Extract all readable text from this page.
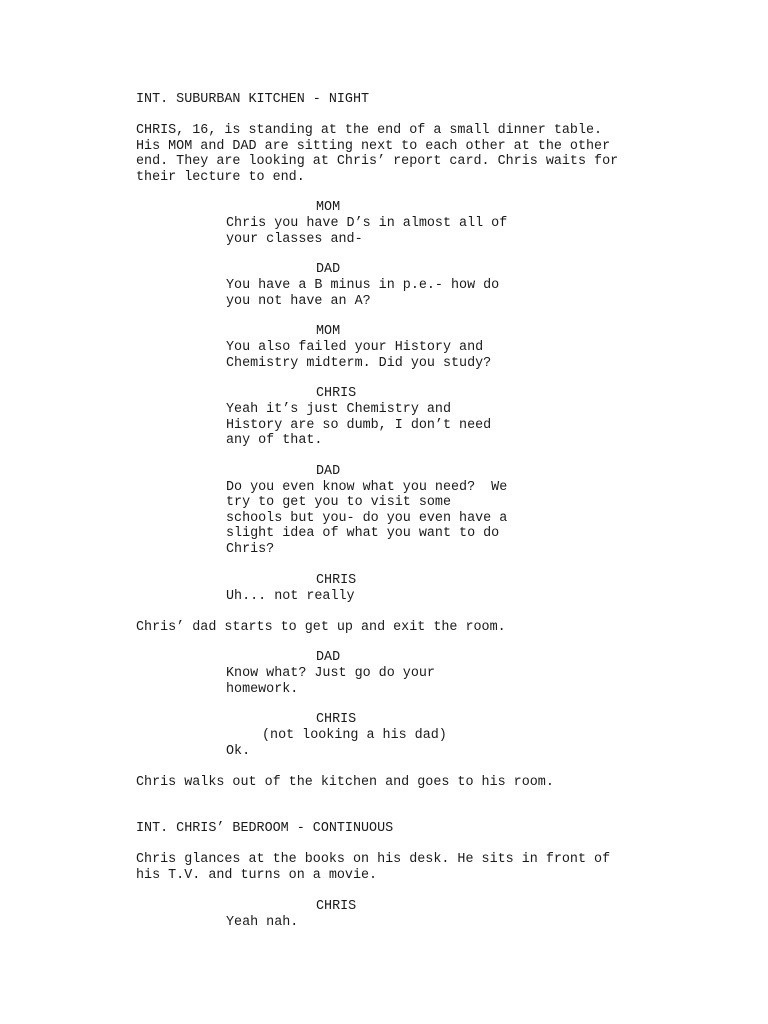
INT. SUBURBAN KITCHEN - NIGHT

CHRIS, 16, is standing at the end of a small dinner table.

His MOM and DAD are sitting next to each other at the other

end. They are looking at Chris’ report card. Chris waits for

their lecture to end.

MOM

Chris you have D’s in almost all of

your classes and-

DAD

You have a B minus in p.e.- how do

you not have an A?

MOM

You also failed your History and

Chemistry midterm. Did you study?

CHRIS

Yeah it’s just Chemistry and

History are so dumb, I don’t need

any of that.

DAD

Do you even know what you need?  We

try to get you to visit some

schools but you- do you even have a

slight idea of what you want to do

Chris?

CHRIS

Uh... not really

Chris’ dad starts to get up and exit the room.

DAD

Know what? Just go do your

homework.

CHRIS

(not looking a his dad)

Ok.

Chris walks out of the kitchen and goes to his room.

INT. CHRIS’ BEDROOM - CONTINUOUS

Chris glances at the books on his desk. He sits in front of

his T.V. and turns on a movie.

CHRIS

Yeah nah.
